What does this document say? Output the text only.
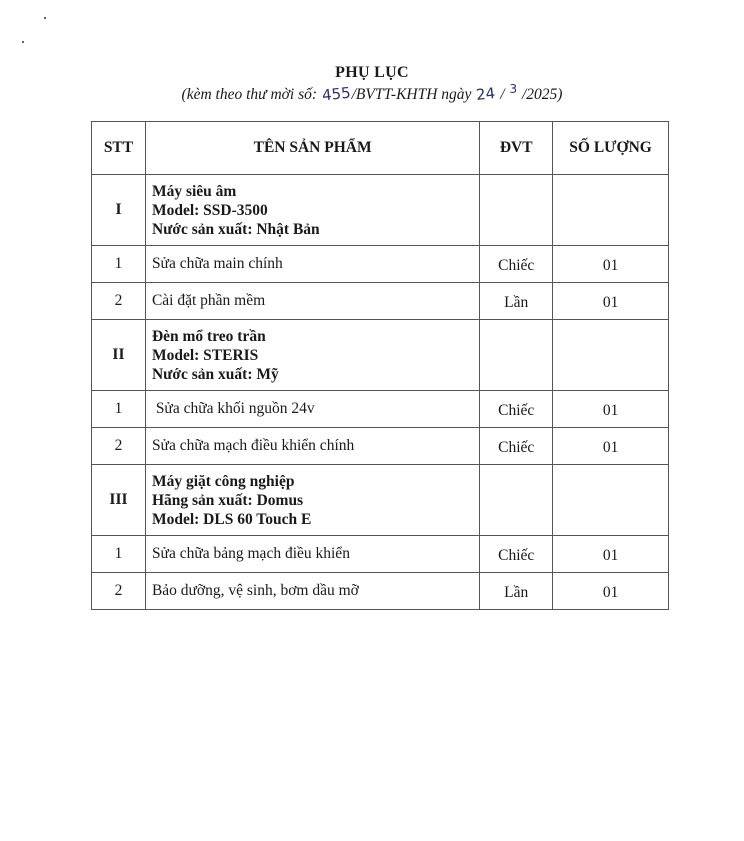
PHỤ LỤC
(kèm theo thư mời số: 455/BVTT-KHTH ngày 24 / 3 /2025)
STT	TÊN SẢN PHẨM	ĐVT	SỐ LƯỢNG
I	Máy siêu âm
Model: SSD-3500
Nước sản xuất: Nhật Bản		

1	Sửa chữa main chính	Chiếc	01
2	Cài đặt phần mềm	Lần	01
II	Đèn mổ treo trần
Model: STERIS
Nước sản xuất: Mỹ		

1	Sửa chữa khối nguồn 24v	Chiếc	01
2	Sửa chữa mạch điều khiển chính	Chiếc	01
III	Máy giặt công nghiệp
Hãng sản xuất: Domus
Model: DLS 60 Touch E		

1	Sửa chữa bảng mạch điều khiển	Chiếc	01
2	Bảo dưỡng, vệ sinh, bơm dầu mỡ	Lần	01
